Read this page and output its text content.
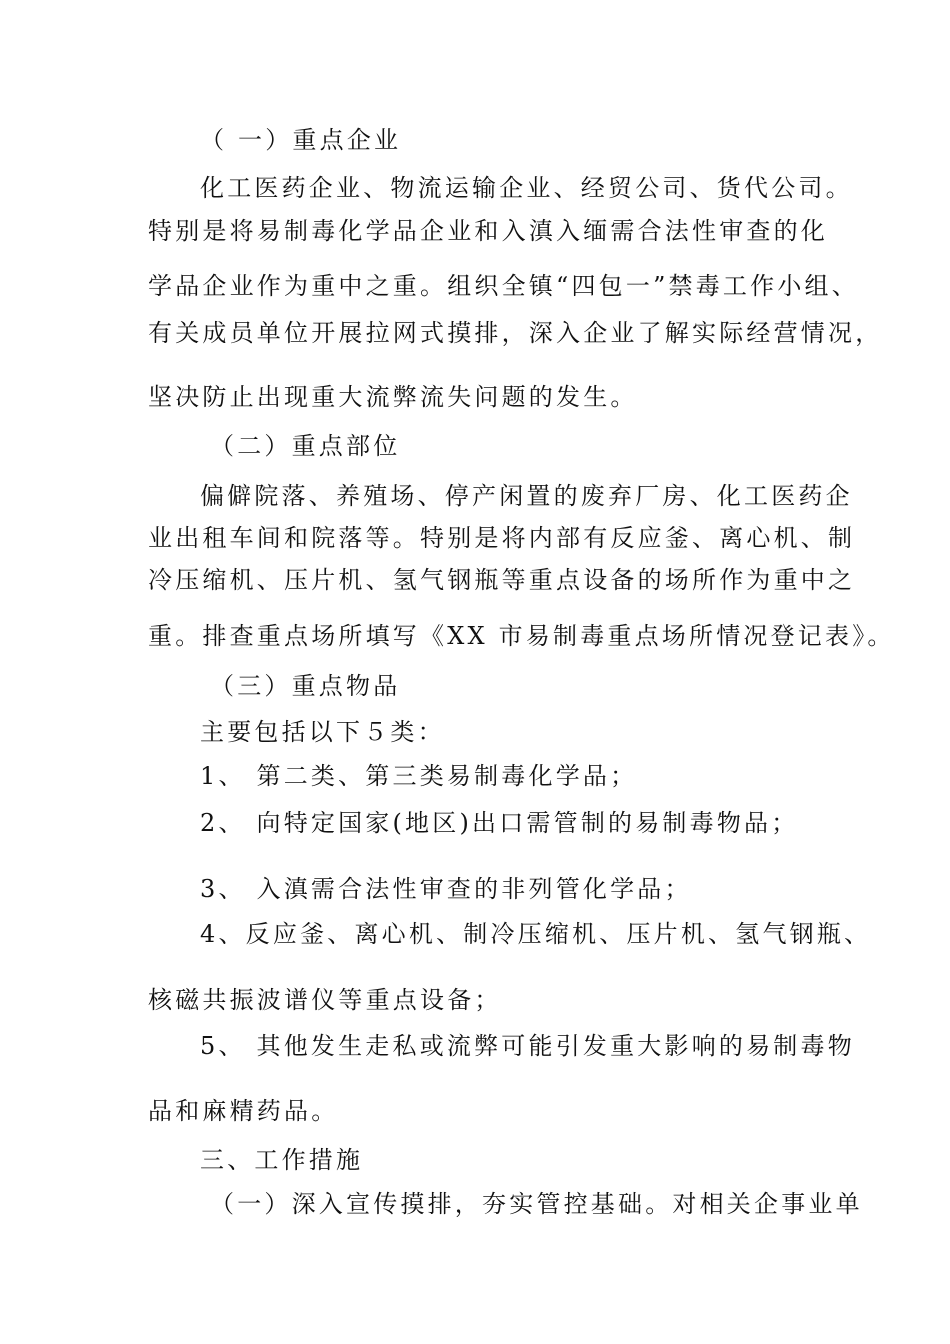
（ 一）重点企业
化工医药企业、物流运输企业、经贸公司、货代公司。
特别是将易制毒化学品企业和入滇入缅需合法性审查的化
学品企业作为重中之重。组织全镇“四包一”禁毒工作小组、
有关成员单位开展拉网式摸排，深入企业了解实际经营情况，
坚决防止出现重大流弊流失问题的发生。
（二）重点部位
偏僻院落、养殖场、停产闲置的废弃厂房、化工医药企
业出租车间和院落等。特别是将内部有反应釜、离心机、制
冷压缩机、压片机、氢气钢瓶等重点设备的场所作为重中之
重。排查重点场所填写《XX 市易制毒重点场所情况登记表》。
（三）重点物品
主要包括以下５类：
1、 第二类、第三类易制毒化学品；
2、 向特定国家(地区)出口需管制的易制毒物品；
3、 入滇需合法性审查的非列管化学品；
4、反应釜、离心机、制冷压缩机、压片机、氢气钢瓶、
核磁共振波谱仪等重点设备；
5、 其他发生走私或流弊可能引发重大影响的易制毒物
品和麻精药品。
三、工作措施
（一）深入宣传摸排，夯实管控基础。对相关企事业单
